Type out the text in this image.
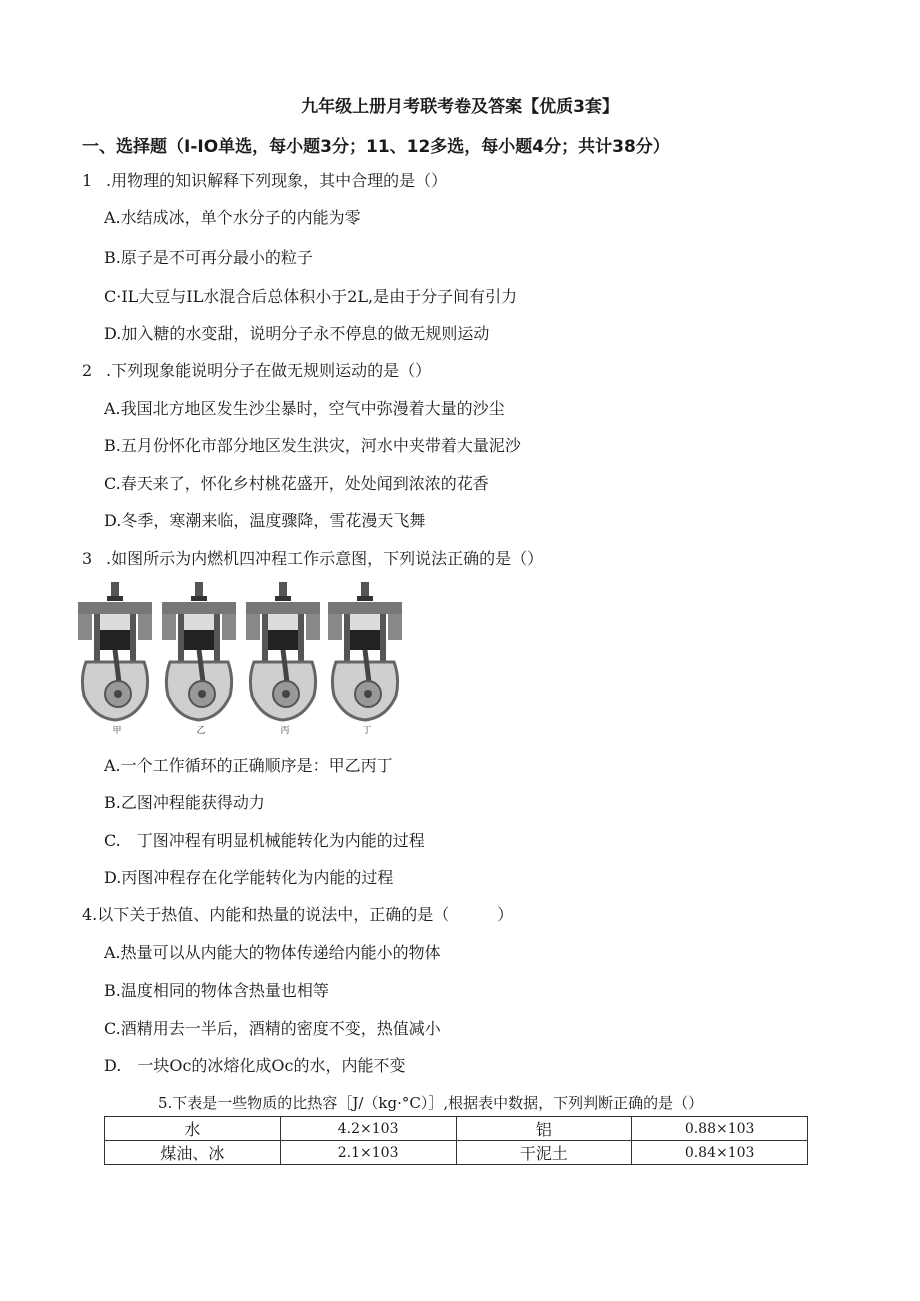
九年级上册月考联考卷及答案【优质3套】
一、选择题（I-IO单选，每小题3分；11、12多选，每小题4分；共计38分）
1 .用物理的知识解释下列现象，其中合理的是（）
A.水结成冰，单个水分子的内能为零
B.原子是不可再分最小的粒子
C·IL大豆与IL水混合后总体积小于2L,是由于分子间有引力
D.加入糖的水变甜，说明分子永不停息的做无规则运动
2 .下列现象能说明分子在做无规则运动的是（）
A.我国北方地区发生沙尘暴时，空气中弥漫着大量的沙尘
B.五月份怀化市部分地区发生洪灾，河水中夹带着大量泥沙
C.春天来了，怀化乡村桃花盛开，处处闻到浓浓的花香
D.冬季，寒潮来临，温度骤降，雪花漫天飞舞
3 .如图所示为内燃机四冲程工作示意图，下列说法正确的是（）
甲	乙	丙	丁
A.一个工作循环的正确顺序是：甲乙丙丁
B.乙图冲程能获得动力
C.　丁图冲程有明显机械能转化为内能的过程
D.丙图冲程存在化学能转化为内能的过程
4.以下关于热值、内能和热量的说法中，正确的是（　　　）
A.热量可以从内能大的物体传递给内能小的物体
B.温度相同的物体含热量也相等
C.酒精用去一半后，酒精的密度不变，热值减小
D.　一块Oc的冰熔化成Oc的水，内能不变
5.下表是一些物质的比热容［J/（kg·°C）］,根据表中数据，下列判断正确的是（）
水	4.2×103	铝	0.88×103
煤油、冰	2.1×103	干泥土	0.84×103
